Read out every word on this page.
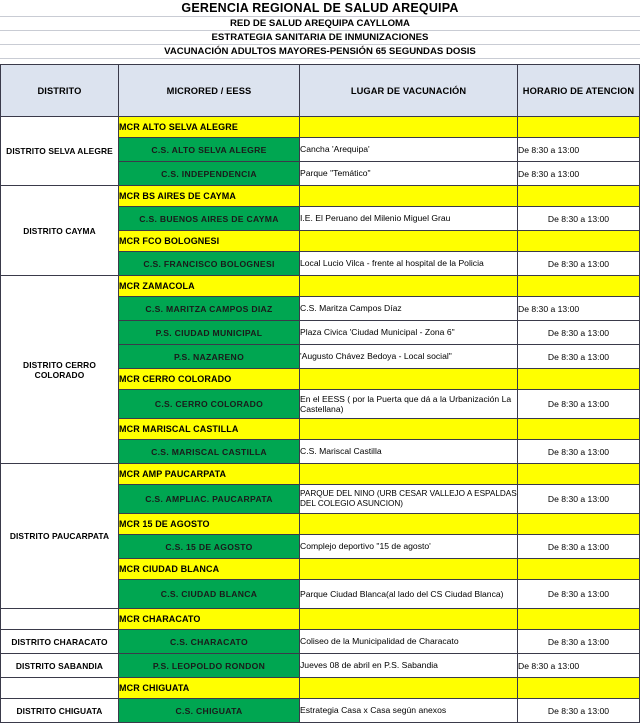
GERENCIA REGIONAL DE SALUD AREQUIPA
RED DE SALUD AREQUIPA CAYLLOMA
ESTRATEGIA SANITARIA DE INMUNIZACIONES
VACUNACIÓN ADULTOS MAYORES-PENSIÓN 65 SEGUNDAS DOSIS

DISTRITO	MICRORED / EESS	LUGAR DE VACUNACIÓN	HORARIO DE ATENCION
DISTRITO SELVA ALEGRE	MCR ALTO SELVA ALEGRE		
	C.S. ALTO SELVA ALEGRE	Cancha 'Arequipa'	De 8:30 a 13:00
	C.S. INDEPENDENCIA	Parque "Temático"	De 8:30 a 13:00
DISTRITO CAYMA	MCR BS AIRES DE CAYMA		
	C.S. BUENOS AIRES DE CAYMA	I.E. El Peruano del Milenio Miguel Grau	De 8:30 a 13:00
	MCR FCO BOLOGNESI		
	C.S. FRANCISCO BOLOGNESI	Local Lucio Vilca - frente al hospital de la Policia	De 8:30 a 13:00
DISTRITO CERRO COLORADO	MCR ZAMACOLA		
	C.S. MARITZA CAMPOS DIAZ	C.S. Maritza Campos Díaz	De 8:30 a 13:00
	P.S. CIUDAD MUNICIPAL	Plaza Civica 'Ciudad Municipal - Zona 6"	De 8:30 a 13:00
	P.S. NAZARENO	'Augusto Chávez Bedoya - Local social"	De 8:30 a 13:00
	MCR CERRO COLORADO		
	C.S. CERRO COLORADO	En el EESS ( por la Puerta que dá a la Urbanización La Castellana)	De 8:30 a 13:00
	MCR MARISCAL CASTILLA		
	C.S. MARISCAL CASTILLA	C.S. Mariscal Castilla	De 8:30 a 13:00
DISTRITO PAUCARPATA	MCR AMP PAUCARPATA		
	C.S. AMPLIAC. PAUCARPATA	PARQUE DEL NINO (URB CESAR VALLEJO A ESPALDAS DEL COLEGIO ASUNCION)	De 8:30 a 13:00
	MCR 15 DE AGOSTO		
	C.S. 15 DE AGOSTO	Complejo deportivo "15 de agosto'	De 8:30 a 13:00
	MCR CIUDAD BLANCA		
	C.S. CIUDAD BLANCA	Parque Ciudad Blanca(al lado del CS Ciudad Blanca)	De 8:30 a 13:00
	MCR CHARACATO		
DISTRITO CHARACATO	C.S. CHARACATO	Coliseo de la Municipalidad de Characato	De 8:30 a 13:00
DISTRITO SABANDIA	P.S. LEOPOLDO RONDON	Jueves 08 de abril en P.S. Sabandia	De 8:30 a 13:00
	MCR CHIGUATA		
DISTRITO CHIGUATA	C.S. CHIGUATA	Estrategia Casa x Casa según anexos	De 8:30 a 13:00
